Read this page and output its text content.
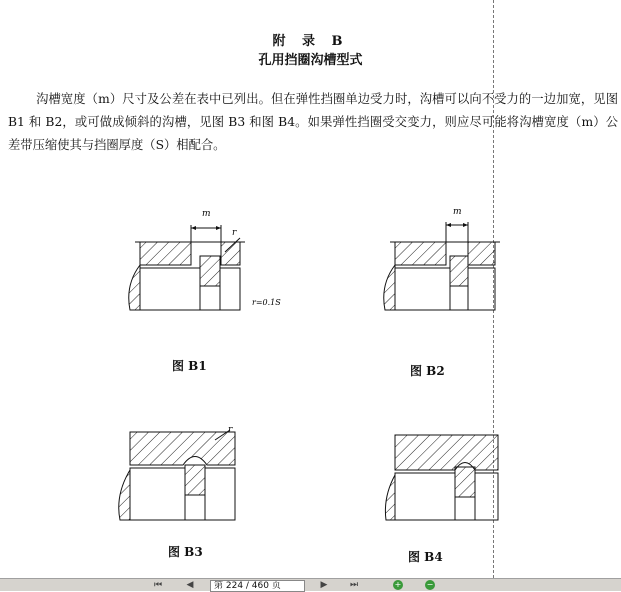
附 录 B
孔用挡圈沟槽型式
沟槽宽度（m）尺寸及公差在表中已列出。但在弹性挡圈单边受力时，沟槽可以向不受力的一边加宽，见图 B1 和 B2，或可做成倾斜的沟槽，见图 B3 和图 B4。如果弹性挡圈受交变力，则应尽可能将沟槽宽度（m）公差带压缩使其与挡圈厚度（S）相配合。
m
r
r=0.1S
图 B1
m
图 B2
r
图 B3	图 B4
⏮	◀	第 224 / 460 页	▶ ⏭	+	−
